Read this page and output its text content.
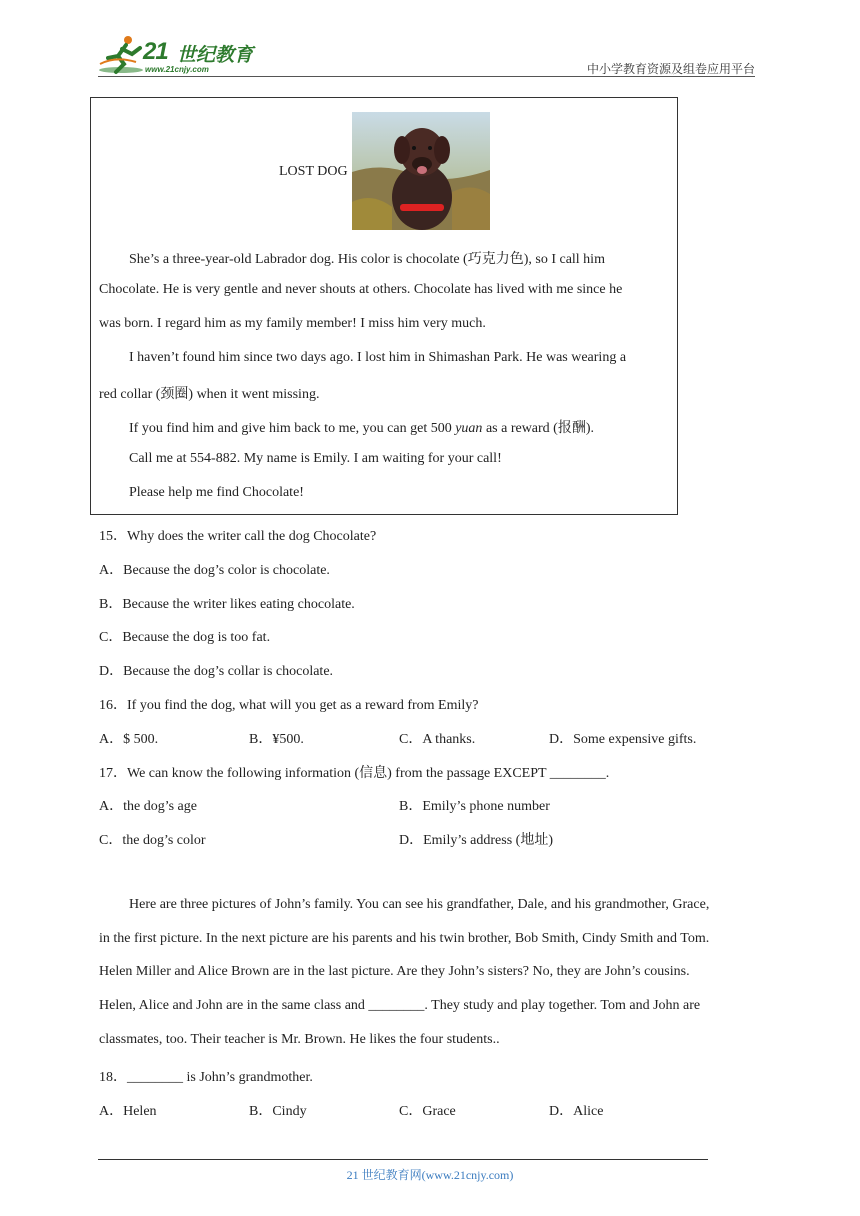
21 世纪教育
www.21cnjy.com	中小学教育资源及组卷应用平台
LOST DOG
She’s a three-year-old Labrador dog. His color is chocolate (巧克力色), so I call him
Chocolate. He is very gentle and never shouts at others. Chocolate has lived with me since he
was born. I regard him as my family member! I miss him very much.
I haven’t found him since two days ago. I lost him in Shimashan Park. He was wearing a
red collar (颈圈) when it went missing.
If you find him and give him back to me, you can get 500 yuan as a reward (报酬).
Call me at 554-882. My name is Emily. I am waiting for your call!
Please help me find Chocolate!
15．Why does the writer call the dog Chocolate?
A．Because the dog’s color is chocolate.
B．Because the writer likes eating chocolate.
C．Because the dog is too fat.
D．Because the dog’s collar is chocolate.
16．If you find the dog, what will you get as a reward from Emily?
A．$ 500.	B．¥500.	C．A thanks.	D．Some expensive gifts.
17．We can know the following information (信息) from the passage EXCEPT ________.
A．the dog’s age	B．Emily’s phone number
C．the dog’s color	D．Emily’s address (地址)
Here are three pictures of John’s family. You can see his grandfather, Dale, and his grandmother, Grace,
in the first picture. In the next picture are his parents and his twin brother, Bob Smith, Cindy Smith and Tom.
Helen Miller and Alice Brown are in the last picture. Are they John’s sisters? No, they are John’s cousins.
Helen, Alice and John are in the same class and ________. They study and play together. Tom and John are
classmates, too. Their teacher is Mr. Brown. He likes the four students..
18．________ is John’s grandmother.
A．Helen	B．Cindy	C．Grace	D．Alice
21 世纪教育网(www.21cnjy.com)
